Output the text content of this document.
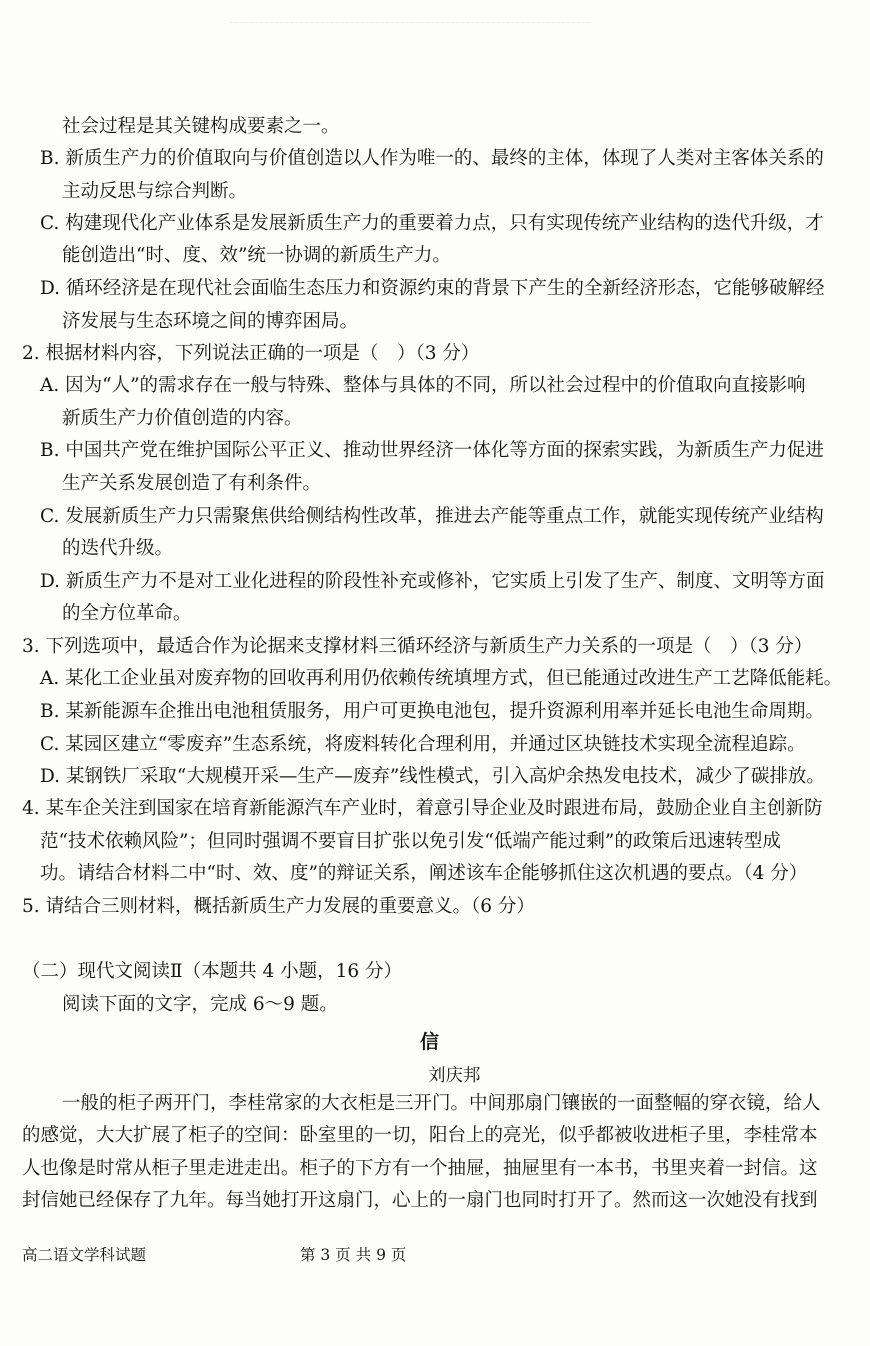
社会过程是其关键构成要素之一。
B. 新质生产力的价值取向与价值创造以人作为唯一的、最终的主体，体现了人类对主客体关系的
主动反思与综合判断。
C. 构建现代化产业体系是发展新质生产力的重要着力点，只有实现传统产业结构的迭代升级，才
能创造出“时、度、效”统一协调的新质生产力。
D. 循环经济是在现代社会面临生态压力和资源约束的背景下产生的全新经济形态，它能够破解经
济发展与生态环境之间的博弈困局。
2. 根据材料内容，下列说法正确的一项是（　）（3 分）
A. 因为“人”的需求存在一般与特殊、整体与具体的不同，所以社会过程中的价值取向直接影响
新质生产力价值创造的内容。
B. 中国共产党在维护国际公平正义、推动世界经济一体化等方面的探索实践，为新质生产力促进
生产关系发展创造了有利条件。
C. 发展新质生产力只需聚焦供给侧结构性改革，推进去产能等重点工作，就能实现传统产业结构
的迭代升级。
D. 新质生产力不是对工业化进程的阶段性补充或修补，它实质上引发了生产、制度、文明等方面
的全方位革命。
3. 下列选项中，最适合作为论据来支撑材料三循环经济与新质生产力关系的一项是（　）（3 分）
A. 某化工企业虽对废弃物的回收再利用仍依赖传统填埋方式，但已能通过改进生产工艺降低能耗。
B. 某新能源车企推出电池租赁服务，用户可更换电池包，提升资源利用率并延长电池生命周期。
C. 某园区建立“零废弃”生态系统，将废料转化合理利用，并通过区块链技术实现全流程追踪。
D. 某钢铁厂采取“大规模开采—生产—废弃”线性模式，引入高炉余热发电技术，减少了碳排放。
4. 某车企关注到国家在培育新能源汽车产业时，着意引导企业及时跟进布局，鼓励企业自主创新防
范“技术依赖风险”；但同时强调不要盲目扩张以免引发“低端产能过剩”的政策后迅速转型成
功。请结合材料二中“时、效、度”的辩证关系，阐述该车企能够抓住这次机遇的要点。（4 分）
5. 请结合三则材料，概括新质生产力发展的重要意义。（6 分）
（二）现代文阅读Ⅱ（本题共 4 小题，16 分）
阅读下面的文字，完成 6～9 题。
信
刘庆邦
一般的柜子两开门，李桂常家的大衣柜是三开门。中间那扇门镶嵌的一面整幅的穿衣镜，给人
的感觉，大大扩展了柜子的空间：卧室里的一切，阳台上的亮光，似乎都被收进柜子里，李桂常本
人也像是时常从柜子里走进走出。柜子的下方有一个抽屉，抽屉里有一本书，书里夹着一封信。这
封信她已经保存了九年。每当她打开这扇门，心上的一扇门也同时打开了。然而这一次她没有找到
高二语文学科试题	第 3 页 共 9 页
